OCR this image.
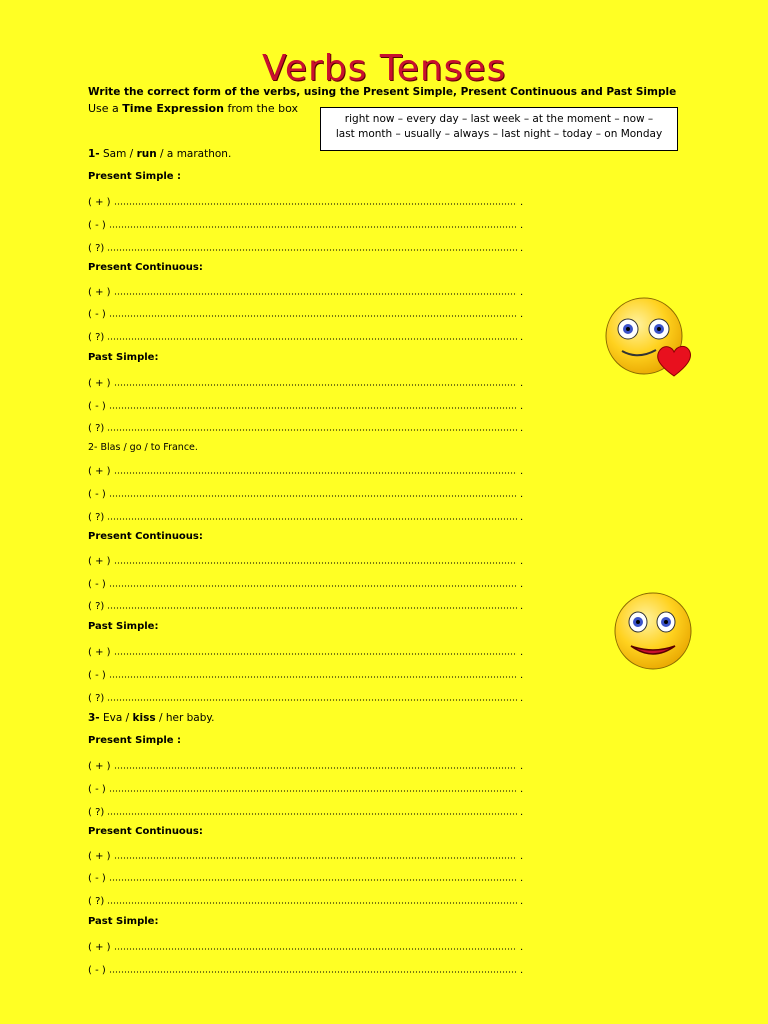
Verbs Tenses
Write the correct form of the verbs, using the Present Simple, Present Continuous and Past Simple
Use a Time Expression from the box
right now – every day – last week – at the moment – now –
last month – usually – always – last night – today – on Monday
1- Sam / run / a marathon.
Present Simple :
( + )	.
( - )	.
( ?)	.
Present Continuous:
( + )	.
( - )	.
( ?)	.
Past Simple:
( + )	.
( - )	.
( ?)	.
2- Blas / go / to France.
( + )	.
( - )	.
( ?)	.
Present Continuous:
( + )	.
( - )	.
( ?)	.
Past Simple:
( + )	.
( - )	.
( ?)	.
3- Eva / kiss / her baby.
Present Simple :
( + )	.
( - )	.
( ?)	.
Present Continuous:
( + )	.
( - )	.
( ?)	.
Past Simple:
( + )	.
( - )	.
